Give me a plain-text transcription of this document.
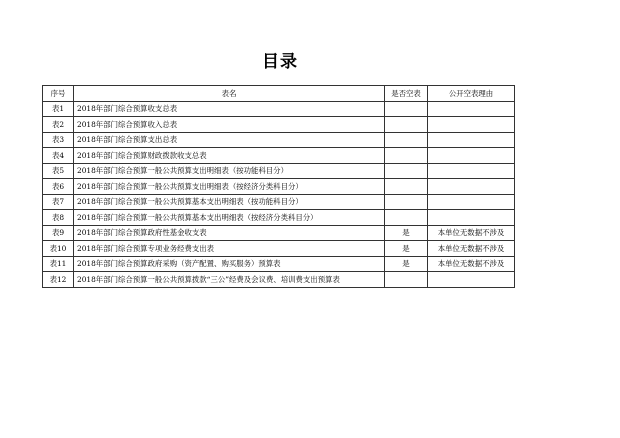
目录
序号	表名	是否空表	公开空表理由
表1	2018年部门综合预算收支总表		
表2	2018年部门综合预算收入总表		
表3	2018年部门综合预算支出总表		
表4	2018年部门综合预算财政拨款收支总表		
表5	2018年部门综合预算一般公共预算支出明细表（按功能科目分）		
表6	2018年部门综合预算一般公共预算支出明细表（按经济分类科目分）		
表7	2018年部门综合预算一般公共预算基本支出明细表（按功能科目分）		
表8	2018年部门综合预算一般公共预算基本支出明细表（按经济分类科目分）		
表9	2018年部门综合预算政府性基金收支表	是	本单位无数据不涉及
表10	2018年部门综合预算专项业务经费支出表	是	本单位无数据不涉及
表11	2018年部门综合预算政府采购（资产配置、购买服务）预算表	是	本单位无数据不涉及
表12	2018年部门综合预算一般公共预算拨款“三公”经费及会议费、培训费支出预算表		
